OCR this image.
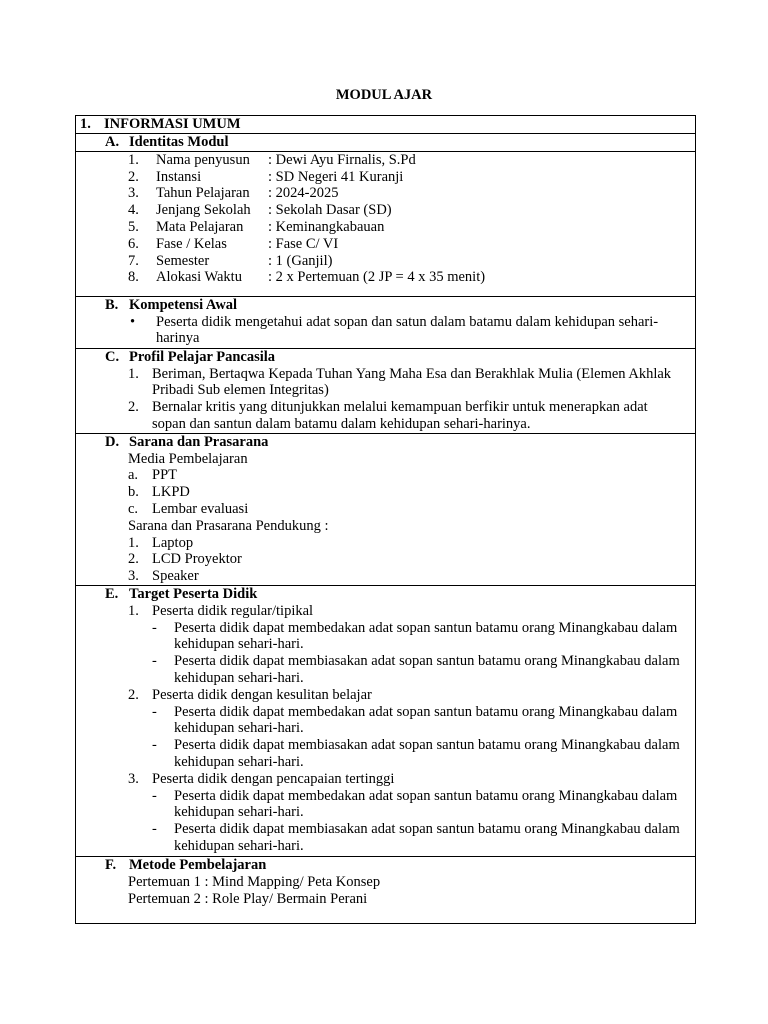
MODUL AJAR
1. INFORMASI UMUM

A. Identitas Modul

1.	Nama penyusun	: Dewi Ayu Firnalis, S.Pd
2.	Instansi	: SD Negeri 41 Kuranji
3.	Tahun Pelajaran	: 2024-2025
4.	Jenjang Sekolah	: Sekolah Dasar (SD)
5.	Mata Pelajaran	: Keminangkabauan
6.	Fase / Kelas	: Fase C/ VI
7.	Semester	: 1 (Ganjil)
8.	Alokasi Waktu	: 2 x Pertemuan (2 JP = 4 x 35 menit)

B. Kompetensi Awal
•	Peserta didik mengetahui adat sopan dan satun dalam batamu dalam kehidupan sehari-harinya

C. Profil Pelajar Pancasila
1. Beriman, Bertaqwa Kepada Tuhan Yang Maha Esa dan Berakhlak Mulia (Elemen Akhlak Pribadi Sub elemen Integritas)
2. Bernalar kritis yang ditunjukkan melalui kemampuan berfikir untuk menerapkan adat sopan dan santun dalam batamu dalam kehidupan sehari-harinya.

D. Sarana dan Prasarana
Media Pembelajaran
a. PPT
b. LKPD
c. Lembar evaluasi
Sarana dan Prasarana Pendukung :
1. Laptop
2. LCD Proyektor
3. Speaker

E. Target Peserta Didik
1. Peserta didik regular/tipikal
-	Peserta didik dapat membedakan adat sopan santun batamu orang Minangkabau dalam kehidupan sehari-hari.
-	Peserta didik dapat membiasakan adat sopan santun batamu orang Minangkabau dalam kehidupan sehari-hari.
2. Peserta didik dengan kesulitan belajar
-	Peserta didik dapat membedakan adat sopan santun batamu orang Minangkabau dalam kehidupan sehari-hari.
-	Peserta didik dapat membiasakan adat sopan santun batamu orang Minangkabau dalam kehidupan sehari-hari.
3. Peserta didik dengan pencapaian tertinggi
-	Peserta didik dapat membedakan adat sopan santun batamu orang Minangkabau dalam kehidupan sehari-hari.
-	Peserta didik dapat membiasakan adat sopan santun batamu orang Minangkabau dalam kehidupan sehari-hari.

F. Metode Pembelajaran
Pertemuan 1 : Mind Mapping/ Peta Konsep
Pertemuan 2 : Role Play/ Bermain Perani
